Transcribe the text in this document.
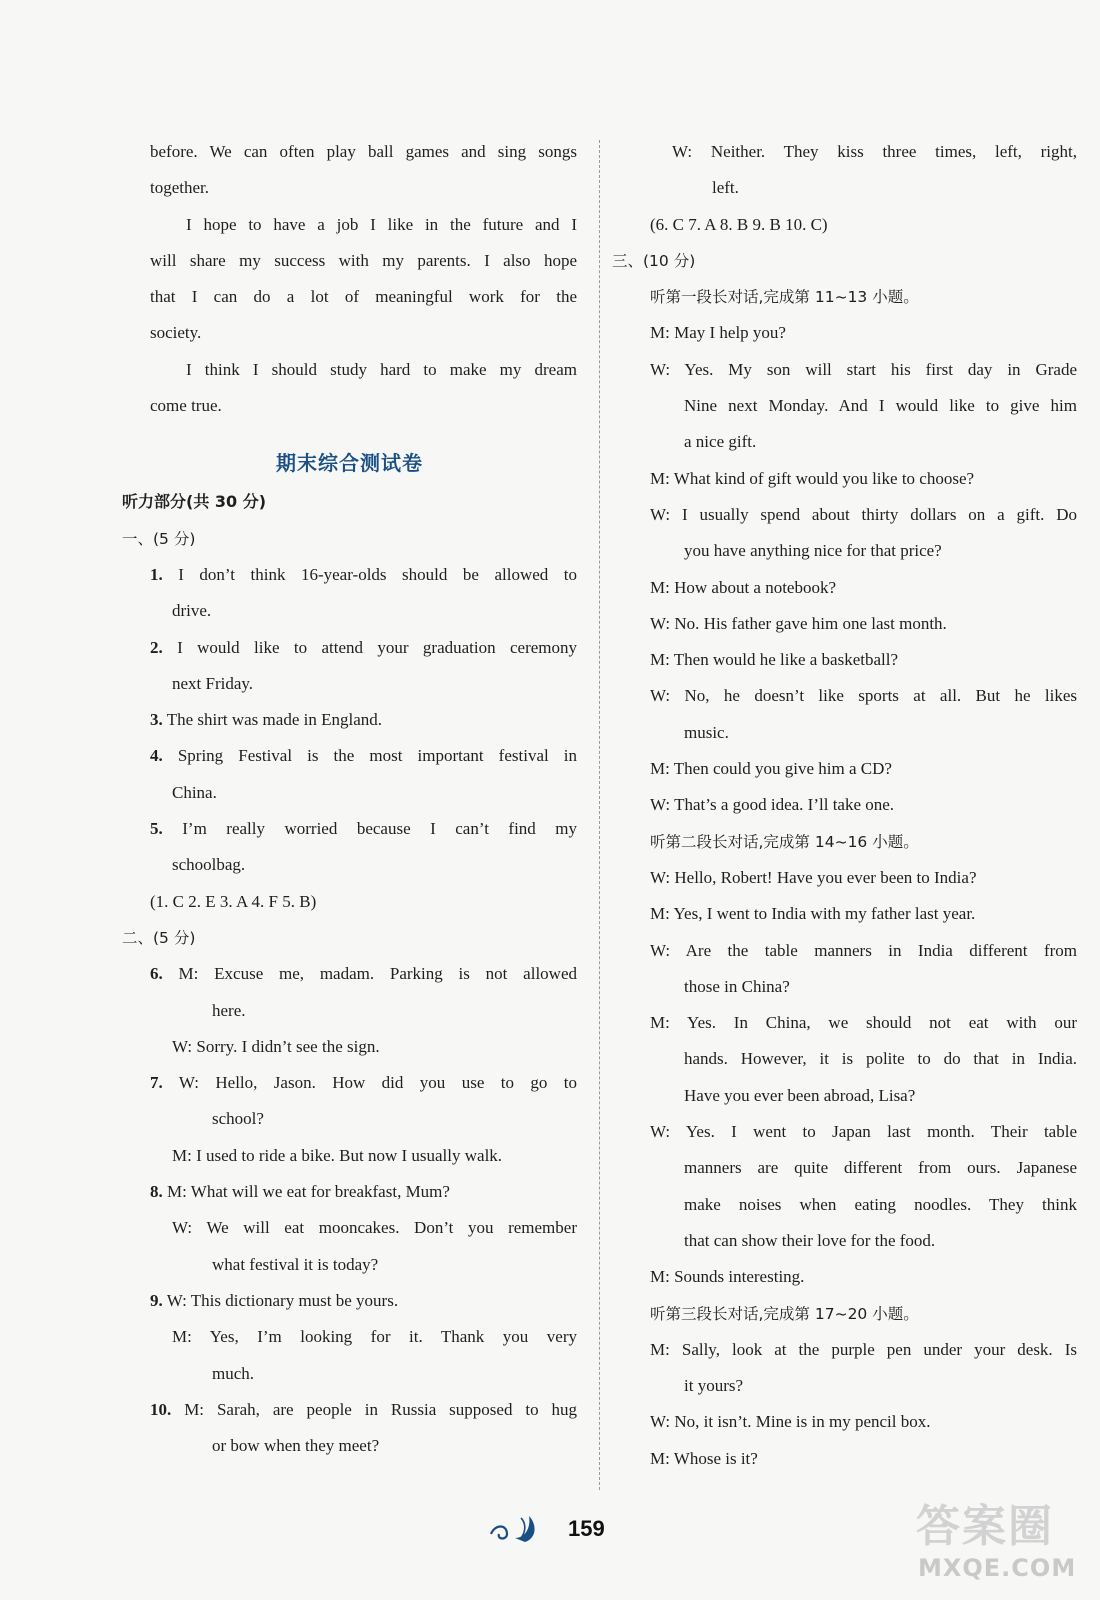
before. We can often play ball games and sing songs
together.
I hope to have a job I like in the future and I
will share my success with my parents. I also hope
that I can do a lot of meaningful work for the
society.
I think I should study hard to make my dream
come true.
期末综合测试卷
听力部分(共 30 分)
一、(5 分)
1. I don’t think 16-year-olds should be allowed to
drive.
2. I would like to attend your graduation ceremony
next Friday.
3. The shirt was made in England.
4. Spring Festival is the most important festival in
China.
5. I’m really worried because I can’t find my
schoolbag.
(1. C 2. E 3. A 4. F 5. B)
二、(5 分)
6. M: Excuse me, madam. Parking is not allowed
here.
W: Sorry. I didn’t see the sign.
7. W: Hello, Jason. How did you use to go to
school?
M: I used to ride a bike. But now I usually walk.
8. M: What will we eat for breakfast, Mum?
W: We will eat mooncakes. Don’t you remember
what festival it is today?
9. W: This dictionary must be yours.
M: Yes, I’m looking for it. Thank you very
much.
10. M: Sarah, are people in Russia supposed to hug
or bow when they meet?
W: Neither. They kiss three times, left, right,
left.
(6. C 7. A 8. B 9. B 10. C)
三、(10 分)
听第一段长对话,完成第 11~13 小题。
M: May I help you?
W: Yes. My son will start his first day in Grade
Nine next Monday. And I would like to give him
a nice gift.
M: What kind of gift would you like to choose?
W: I usually spend about thirty dollars on a gift. Do
you have anything nice for that price?
M: How about a notebook?
W: No. His father gave him one last month.
M: Then would he like a basketball?
W: No, he doesn’t like sports at all. But he likes
music.
M: Then could you give him a CD?
W: That’s a good idea. I’ll take one.
听第二段长对话,完成第 14~16 小题。
W: Hello, Robert! Have you ever been to India?
M: Yes, I went to India with my father last year.
W: Are the table manners in India different from
those in China?
M: Yes. In China, we should not eat with our
hands. However, it is polite to do that in India.
Have you ever been abroad, Lisa?
W: Yes. I went to Japan last month. Their table
manners are quite different from ours. Japanese
make noises when eating noodles. They think
that can show their love for the food.
M: Sounds interesting.
听第三段长对话,完成第 17~20 小题。
M: Sally, look at the purple pen under your desk. Is
it yours?
W: No, it isn’t. Mine is in my pencil box.
M: Whose is it?
159	答案圈
MXQE.COM
